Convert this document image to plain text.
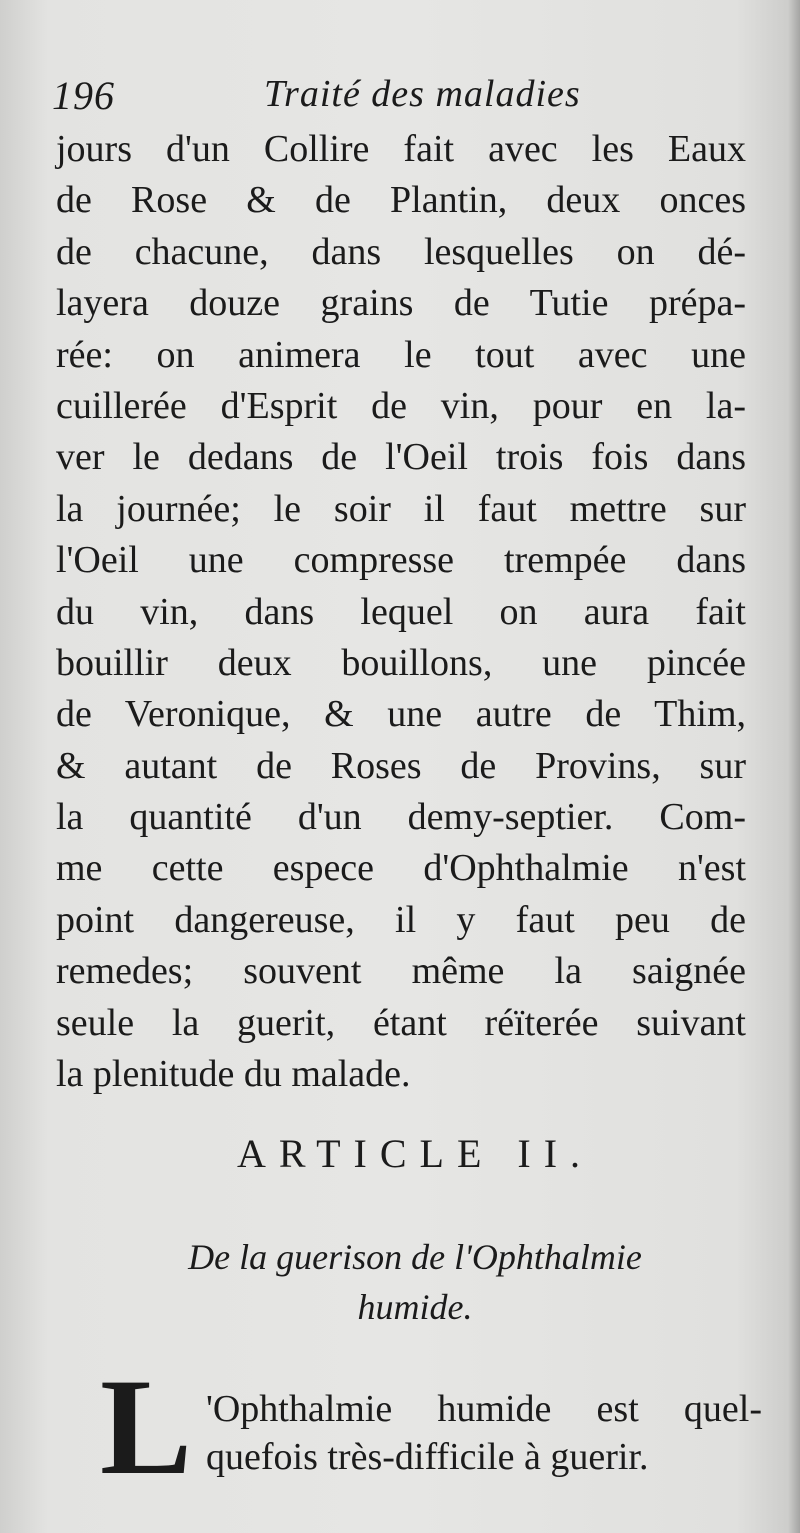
196	Traité des maladies
jours d'un Collire fait avec les Eaux
de Rose & de Plantin, deux onces
de chacune, dans lesquelles on dé-
layera douze grains de Tutie prépa-
rée: on animera le tout avec une
cuillerée d'Esprit de vin, pour en la-
ver le dedans de l'Oeil trois fois dans
la journée; le soir il faut mettre sur
l'Oeil une compresse trempée dans
du vin, dans lequel on aura fait
bouillir deux bouillons, une pincée
de Veronique, & une autre de Thim,
& autant de Roses de Provins, sur
la quantité d'un demy-septier. Com-
me cette espece d'Ophthalmie n'est
point dangereuse, il y faut peu de
remedes; souvent même la saignée
seule la guerit, étant réïterée suivant
la plenitude du malade.
ARTICLE II.
De la guerison de l'Ophthalmie
humide.
L 'Ophthalmie humide est quel-
quefois très-difficile à guerir.
